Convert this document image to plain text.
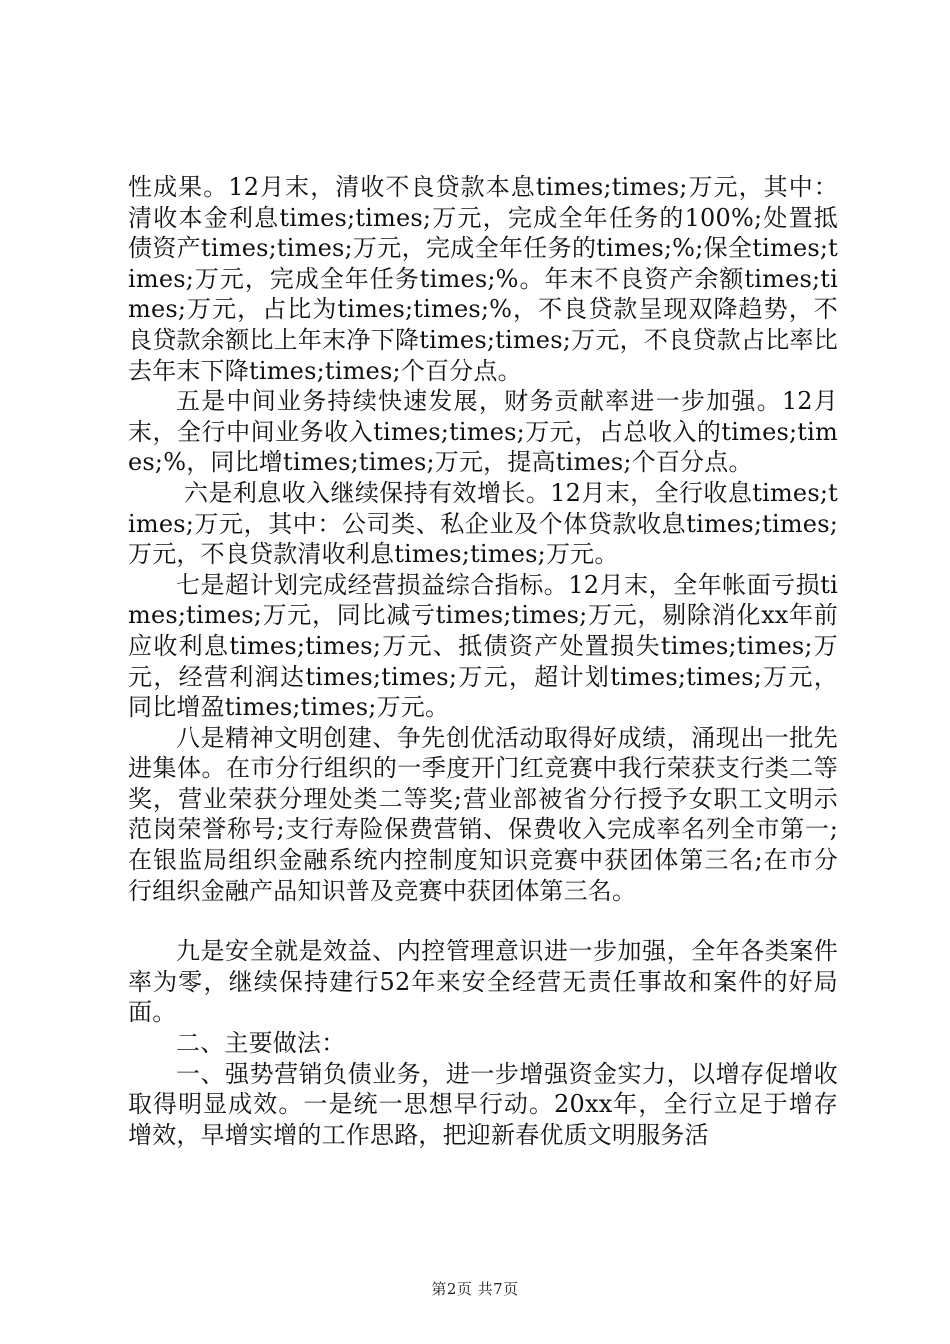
性成果。12月末，清收不良贷款本息times;times;万元，其中：清收本金利息times;times;万元，完成全年任务的100%;处置抵债资产times;times;万元，完成全年任务的times;%;保全times;times;万元，完成全年任务times;%。年末不良资产余额times;times;万元，占比为times;times;%，不良贷款呈现双降趋势，不良贷款余额比上年末净下降times;times;万元，不良贷款占比率比去年末下降times;times;个百分点。

五是中间业务持续快速发展，财务贡献率进一步加强。12月末，全行中间业务收入times;times;万元，占总收入的times;times;%，同比增times;times;万元，提高times;个百分点。

六是利息收入继续保持有效增长。12月末，全行收息times;times;万元，其中：公司类、私企业及个体贷款收息times;times;万元，不良贷款清收利息times;times;万元。

七是超计划完成经营损益综合指标。12月末，全年帐面亏损times;times;万元，同比减亏times;times;万元，剔除消化xx年前应收利息times;times;万元、抵债资产处置损失times;times;万元，经营利润达times;times;万元，超计划times;times;万元，同比增盈times;times;万元。

八是精神文明创建、争先创优活动取得好成绩，涌现出一批先进集体。在市分行组织的一季度开门红竞赛中我行荣获支行类二等奖，营业荣获分理处类二等奖;营业部被省分行授予女职工文明示范岗荣誉称号;支行寿险保费营销、保费收入完成率名列全市第一;在银监局组织金融系统内控制度知识竞赛中获团体第三名;在市分行组织金融产品知识普及竞赛中获团体第三名。

九是安全就是效益、内控管理意识进一步加强，全年各类案件率为零，继续保持建行52年来安全经营无责任事故和案件的好局面。

二、主要做法：

一、强势营销负债业务，进一步增强资金实力，以增存促增收取得明显成效。一是统一思想早行动。20xx年，全行立足于增存增效，早增实增的工作思路，把迎新春优质文明服务活

第2页 共7页
